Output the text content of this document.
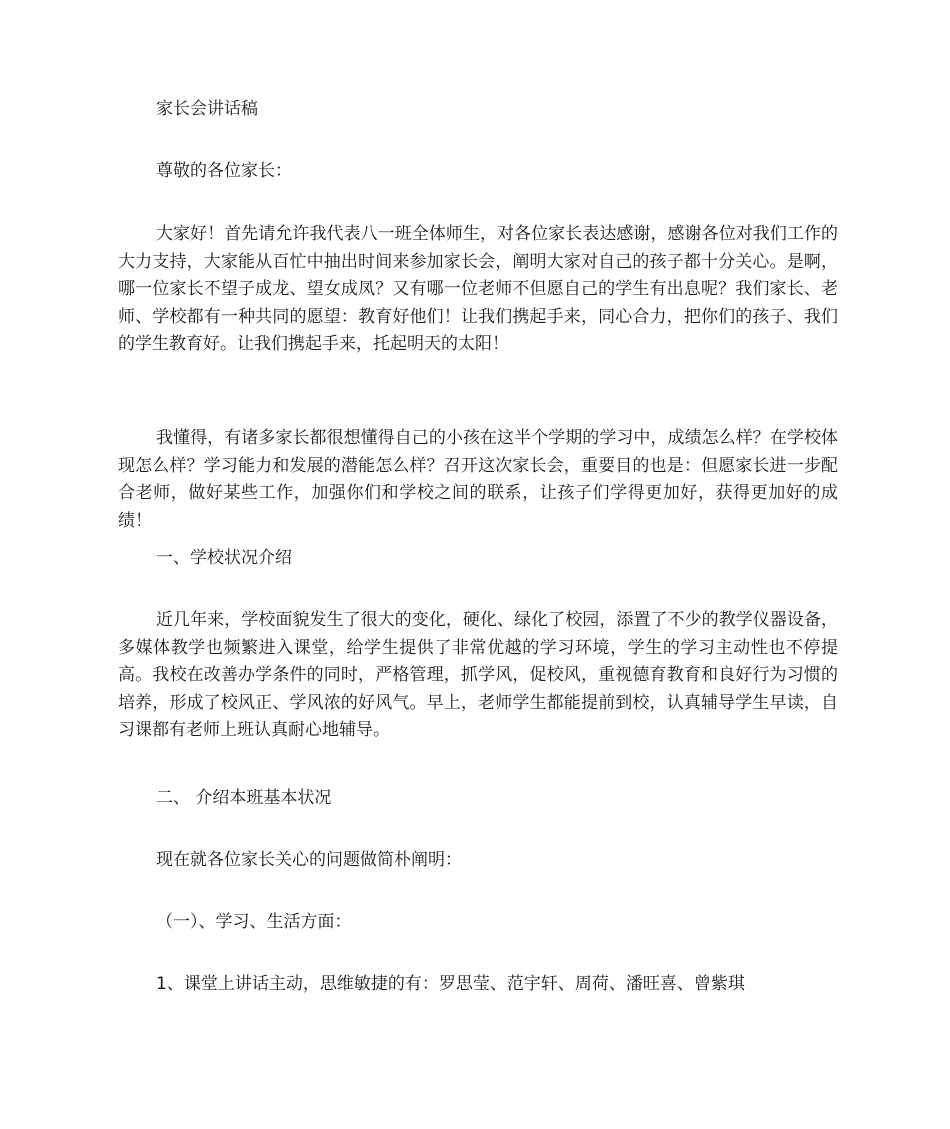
家长会讲话稿
尊敬的各位家长：
大家好！首先请允许我代表八一班全体师生，对各位家长表达感谢，感谢各位对我们工作的大力支持，大家能从百忙中抽出时间来参加家长会，阐明大家对自己的孩子都十分关心。是啊，哪一位家长不望子成龙、望女成凤？又有哪一位老师不但愿自己的学生有出息呢？我们家长、老师、学校都有一种共同的愿望：教育好他们！让我们携起手来，同心合力，把你们的孩子、我们的学生教育好。让我们携起手来，托起明天的太阳！
我懂得，有诸多家长都很想懂得自己的小孩在这半个学期的学习中，成绩怎么样？在学校体现怎么样？学习能力和发展的潜能怎么样？召开这次家长会，重要目的也是：但愿家长进一步配合老师，做好某些工作，加强你们和学校之间的联系，让孩子们学得更加好，获得更加好的成绩！
一、学校状况介绍
近几年来，学校面貌发生了很大的变化，硬化、绿化了校园，添置了不少的教学仪器设备，多媒体教学也频繁进入课堂，给学生提供了非常优越的学习环境，学生的学习主动性也不停提高。我校在改善办学条件的同时，严格管理，抓学风，促校风，重视德育教育和良好行为习惯的培养，形成了校风正、学风浓的好风气。早上，老师学生都能提前到校，认真辅导学生早读，自习课都有老师上班认真耐心地辅导。
二、 介绍本班基本状况
现在就各位家长关心的问题做简朴阐明：
（一）、学习、生活方面：
1、课堂上讲话主动，思维敏捷的有：罗思莹、范宇轩、周荷、潘旺喜、曾紫琪
